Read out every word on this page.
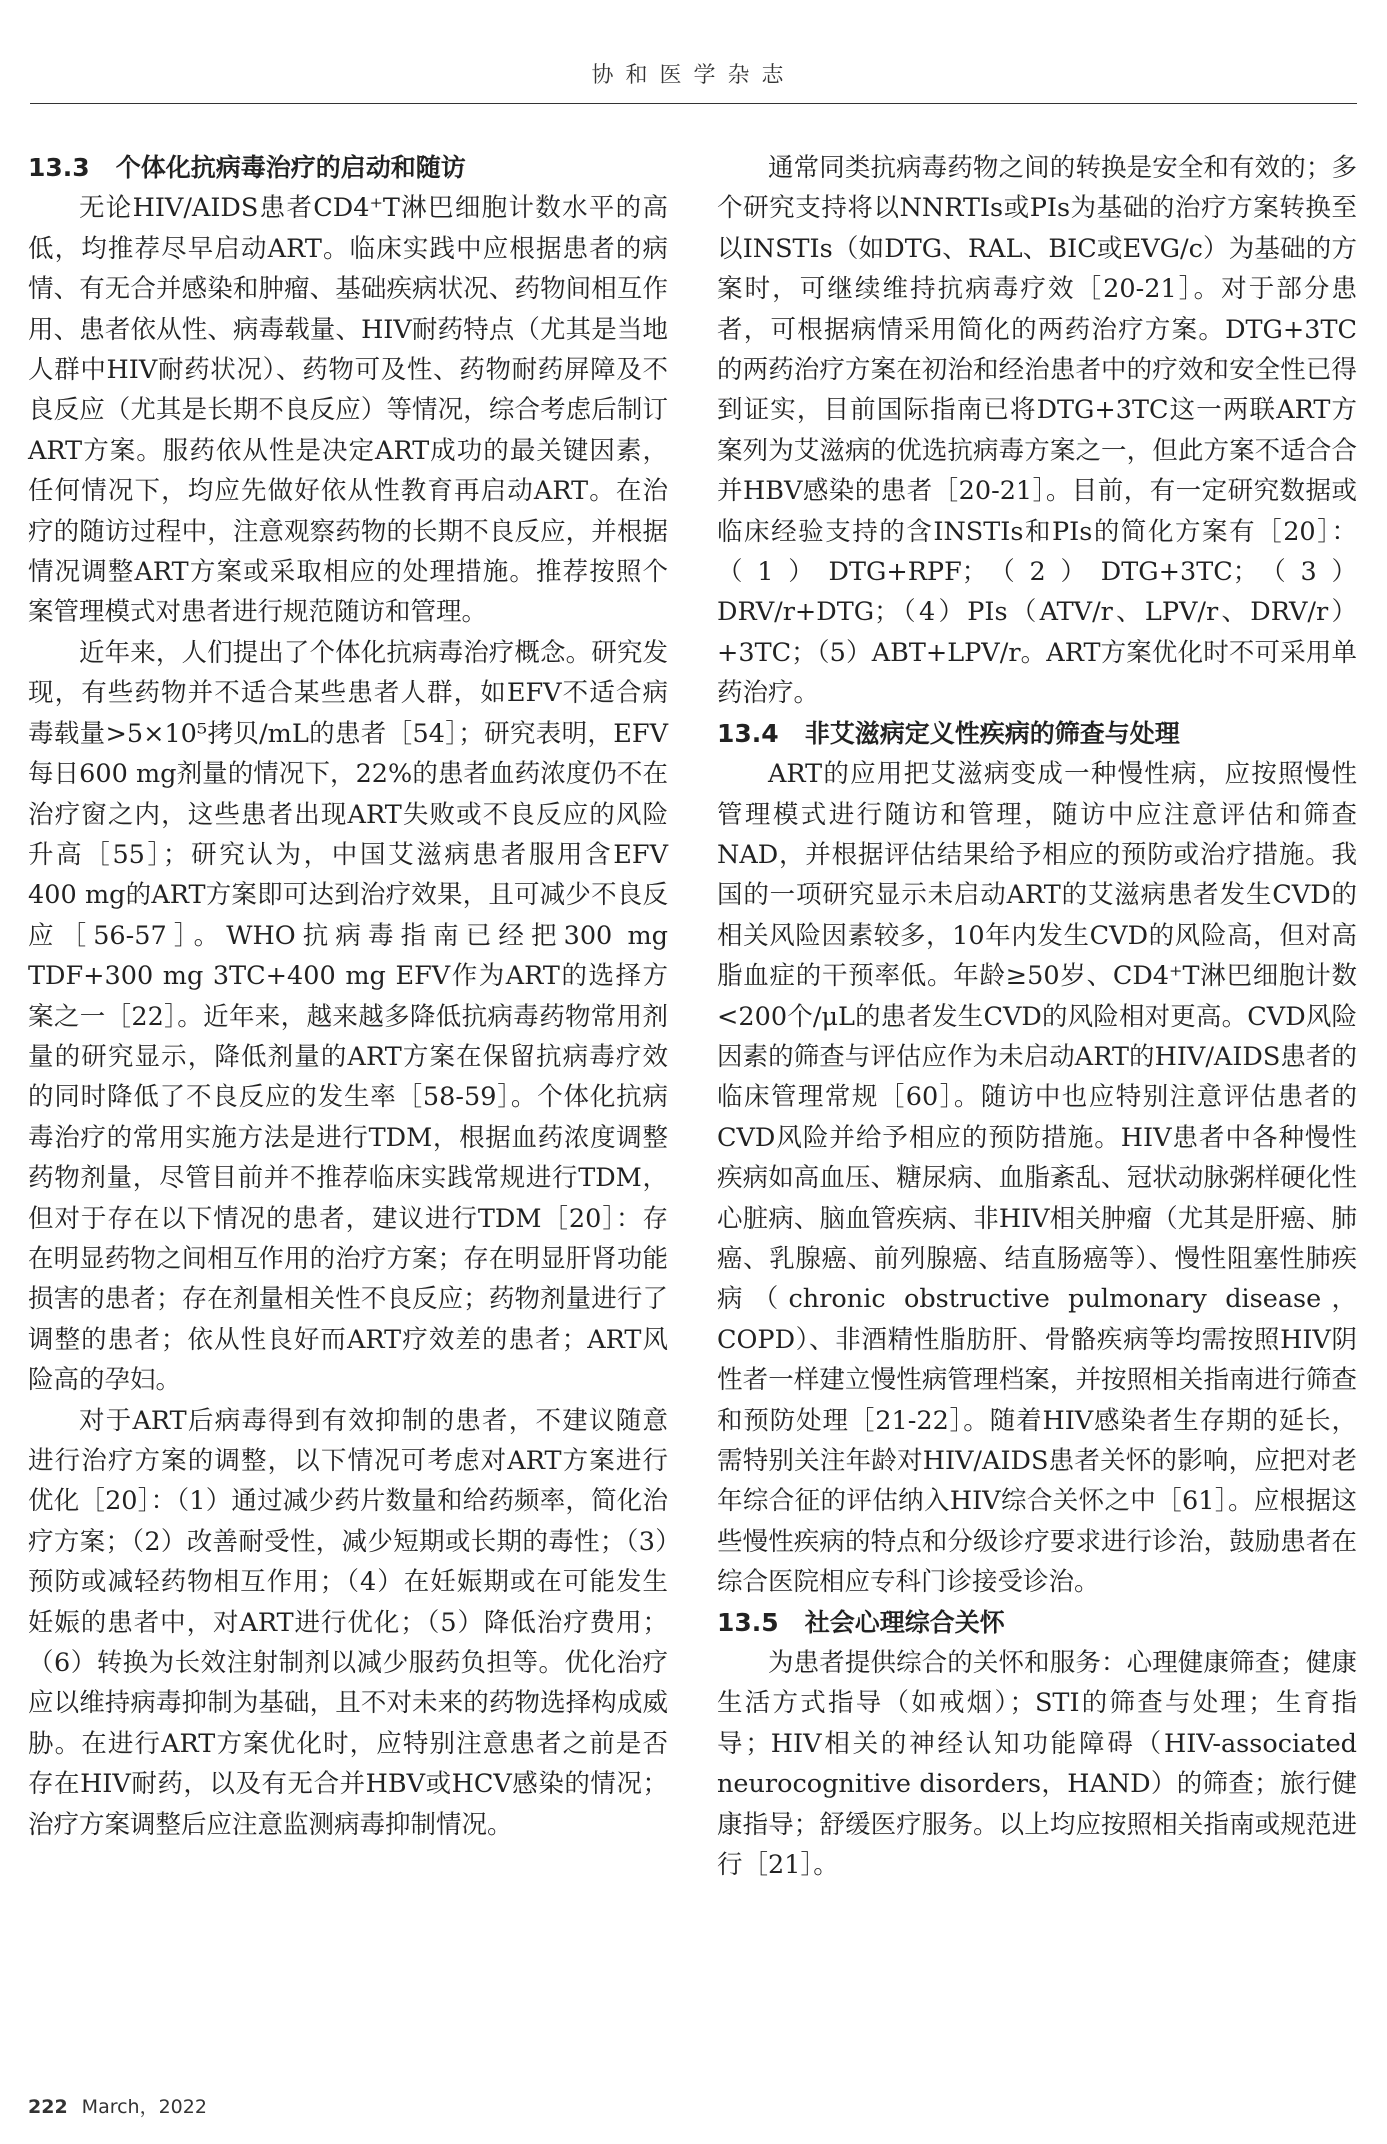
协和医学杂志
13.3 个体化抗病毒治疗的启动和随访

无论HIV/AIDS患者CD4⁺T淋巴细胞计数水平的高低，均推荐尽早启动ART。临床实践中应根据患者的病情、有无合并感染和肿瘤、基础疾病状况、药物间相互作用、患者依从性、病毒载量、HIV耐药特点（尤其是当地人群中HIV耐药状况）、药物可及性、药物耐药屏障及不良反应（尤其是长期不良反应）等情况，综合考虑后制订ART方案。服药依从性是决定ART成功的最关键因素，任何情况下，均应先做好依从性教育再启动ART。在治疗的随访过程中，注意观察药物的长期不良反应，并根据情况调整ART方案或采取相应的处理措施。推荐按照个案管理模式对患者进行规范随访和管理。

近年来，人们提出了个体化抗病毒治疗概念。研究发现，有些药物并不适合某些患者人群，如EFV不适合病毒载量>5×10⁵拷贝/mL的患者［54］；研究表明，EFV每日600 mg剂量的情况下，22%的患者血药浓度仍不在治疗窗之内，这些患者出现ART失败或不良反应的风险升高［55］；研究认为，中国艾滋病患者服用含EFV 400 mg的ART方案即可达到治疗效果，且可减少不良反应［56-57］。WHO抗病毒指南已经把300 mg TDF+300 mg 3TC+400 mg EFV作为ART的选择方案之一［22］。近年来，越来越多降低抗病毒药物常用剂量的研究显示，降低剂量的ART方案在保留抗病毒疗效的同时降低了不良反应的发生率［58-59］。个体化抗病毒治疗的常用实施方法是进行TDM，根据血药浓度调整药物剂量，尽管目前并不推荐临床实践常规进行TDM，但对于存在以下情况的患者，建议进行TDM［20］：存在明显药物之间相互作用的治疗方案；存在明显肝肾功能损害的患者；存在剂量相关性不良反应；药物剂量进行了调整的患者；依从性良好而ART疗效差的患者；ART风险高的孕妇。

对于ART后病毒得到有效抑制的患者，不建议随意进行治疗方案的调整，以下情况可考虑对ART方案进行优化［20］：（1）通过减少药片数量和给药频率，简化治疗方案；（2）改善耐受性，减少短期或长期的毒性；（3）预防或减轻药物相互作用；（4）在妊娠期或在可能发生妊娠的患者中，对ART进行优化；（5）降低治疗费用；（6）转换为长效注射制剂以减少服药负担等。优化治疗应以维持病毒抑制为基础，且不对未来的药物选择构成威胁。在进行ART方案优化时，应特别注意患者之前是否存在HIV耐药，以及有无合并HBV或HCV感染的情况；治疗方案调整后应注意监测病毒抑制情况。

通常同类抗病毒药物之间的转换是安全和有效的；多个研究支持将以NNRTIs或PIs为基础的治疗方案转换至以INSTIs（如DTG、RAL、BIC或EVG/c）为基础的方案时，可继续维持抗病毒疗效［20-21］。对于部分患者，可根据病情采用简化的两药治疗方案。DTG+3TC的两药治疗方案在初治和经治患者中的疗效和安全性已得到证实，目前国际指南已将DTG+3TC这一两联ART方案列为艾滋病的优选抗病毒方案之一，但此方案不适合合并HBV感染的患者［20-21］。目前，有一定研究数据或临床经验支持的含INSTIs和PIs的简化方案有［20］：（1）DTG+RPF；（2）DTG+3TC；（3）DRV/r+DTG；（4）PIs（ATV/r、LPV/r、DRV/r）+3TC；（5）ABT+LPV/r。ART方案优化时不可采用单药治疗。

13.4 非艾滋病定义性疾病的筛查与处理

ART的应用把艾滋病变成一种慢性病，应按照慢性管理模式进行随访和管理，随访中应注意评估和筛查NAD，并根据评估结果给予相应的预防或治疗措施。我国的一项研究显示未启动ART的艾滋病患者发生CVD的相关风险因素较多，10年内发生CVD的风险高，但对高脂血症的干预率低。年龄≥50岁、CD4⁺T淋巴细胞计数<200个/μL的患者发生CVD的风险相对更高。CVD风险因素的筛查与评估应作为未启动ART的HIV/AIDS患者的临床管理常规［60］。随访中也应特别注意评估患者的CVD风险并给予相应的预防措施。HIV患者中各种慢性疾病如高血压、糖尿病、血脂紊乱、冠状动脉粥样硬化性心脏病、脑血管疾病、非HIV相关肿瘤（尤其是肝癌、肺癌、乳腺癌、前列腺癌、结直肠癌等）、慢性阻塞性肺疾病（chronic obstructive pulmonary disease，COPD）、非酒精性脂肪肝、骨骼疾病等均需按照HIV阴性者一样建立慢性病管理档案，并按照相关指南进行筛查和预防处理［21-22］。随着HIV感染者生存期的延长，需特别关注年龄对HIV/AIDS患者关怀的影响，应把对老年综合征的评估纳入HIV综合关怀之中［61］。应根据这些慢性疾病的特点和分级诊疗要求进行诊治，鼓励患者在综合医院相应专科门诊接受诊治。

13.5 社会心理综合关怀

为患者提供综合的关怀和服务：心理健康筛查；健康生活方式指导（如戒烟）；STI的筛查与处理；生育指导；HIV相关的神经认知功能障碍（HIV-associated neurocognitive disorders，HAND）的筛查；旅行健康指导；舒缓医疗服务。以上均应按照相关指南或规范进行［21］。

222 March，2022
